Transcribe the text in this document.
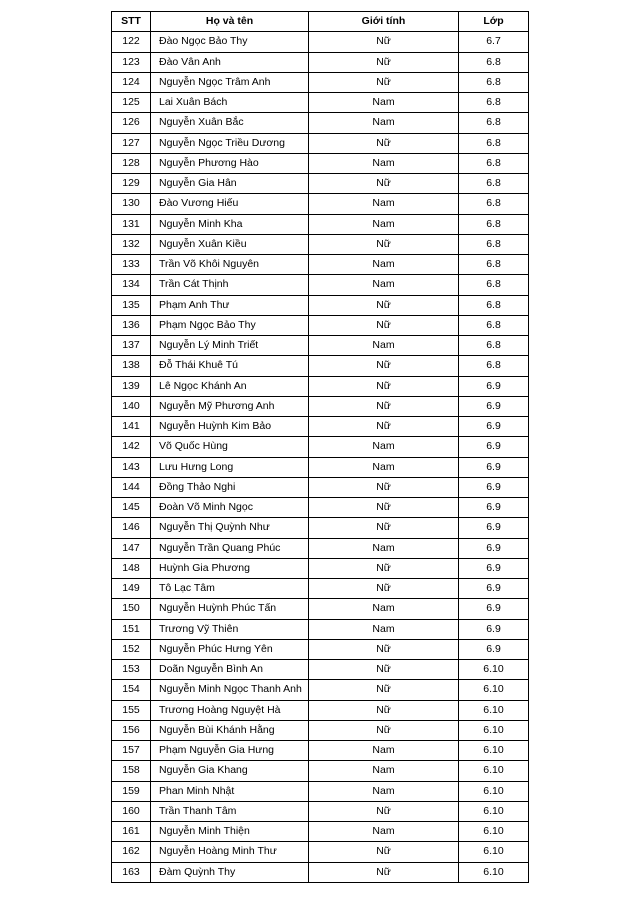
STT	Họ và tên	Giới tính	Lớp
122	Đào Ngọc Bảo Thy	Nữ	6.7
123	Đào Vân Anh	Nữ	6.8
124	Nguyễn Ngọc Trâm Anh	Nữ	6.8
125	Lai Xuân Bách	Nam	6.8
126	Nguyễn Xuân Bắc	Nam	6.8
127	Nguyễn Ngọc Triều Dương	Nữ	6.8
128	Nguyễn Phương Hào	Nam	6.8
129	Nguyễn Gia Hân	Nữ	6.8
130	Đào Vương Hiếu	Nam	6.8
131	Nguyễn Minh Kha	Nam	6.8
132	Nguyễn Xuân Kiều	Nữ	6.8
133	Trần Võ Khôi Nguyên	Nam	6.8
134	Trần Cát Thịnh	Nam	6.8
135	Phạm Anh Thư	Nữ	6.8
136	Phạm Ngọc Bảo Thy	Nữ	6.8
137	Nguyễn Lý Minh Triết	Nam	6.8
138	Đỗ Thái Khuê Tú	Nữ	6.8
139	Lê Ngọc Khánh An	Nữ	6.9
140	Nguyễn Mỹ Phương Anh	Nữ	6.9
141	Nguyễn Huỳnh Kim Bảo	Nữ	6.9
142	Võ Quốc Hùng	Nam	6.9
143	Lưu Hưng Long	Nam	6.9
144	Đồng Thảo Nghi	Nữ	6.9
145	Đoàn Võ Minh Ngọc	Nữ	6.9
146	Nguyễn Thị Quỳnh Như	Nữ	6.9
147	Nguyễn Trần Quang Phúc	Nam	6.9
148	Huỳnh Gia Phương	Nữ	6.9
149	Tô Lạc Tâm	Nữ	6.9
150	Nguyễn Huỳnh Phúc Tấn	Nam	6.9
151	Trương Vỹ Thiên	Nam	6.9
152	Nguyễn Phúc Hưng Yên	Nữ	6.9
153	Doãn Nguyễn Bình An	Nữ	6.10
154	Nguyễn Minh Ngọc Thanh Anh	Nữ	6.10
155	Trương Hoàng Nguyệt Hà	Nữ	6.10
156	Nguyễn Bùi Khánh Hằng	Nữ	6.10
157	Phạm Nguyễn Gia Hưng	Nam	6.10
158	Nguyễn Gia Khang	Nam	6.10
159	Phan Minh Nhật	Nam	6.10
160	Trần Thanh Tâm	Nữ	6.10
161	Nguyễn Minh Thiện	Nam	6.10
162	Nguyễn Hoàng Minh Thư	Nữ	6.10
163	Đàm Quỳnh Thy	Nữ	6.10
